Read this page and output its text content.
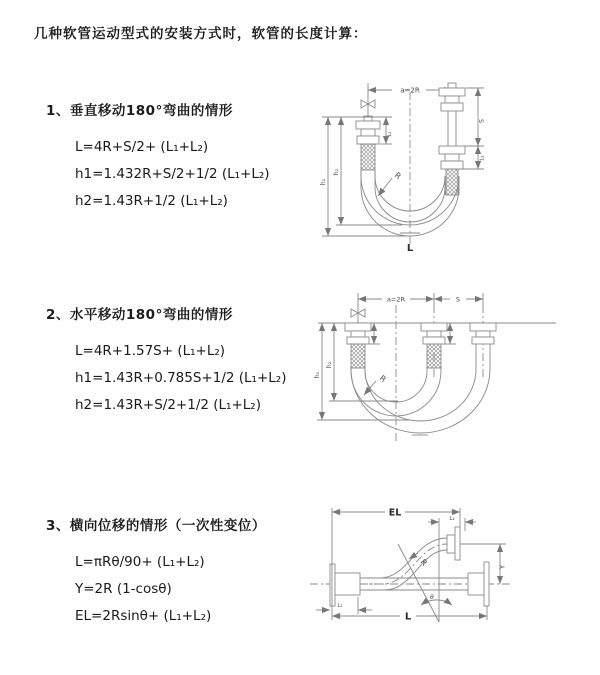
几种软管运动型式的安装方式时，软管的长度计算：
1、垂直移动180°弯曲的情形
L=4R+S/2+ (L₁+L₂)
h1=1.432R+S/2+1/2 (L₁+L₂)
h2=1.43R+1/2 (L₁+L₂)
2、水平移动180°弯曲的情形
L=4R+1.57S+ (L₁+L₂)
h1=1.43R+0.785S+1/2 (L₁+L₂)
h2=1.43R+S/2+1/2 (L₁+L₂)
3、横向位移的情形（一次性变位）
L=πRθ/90+ (L₁+L₂)
Y=2R (1-cosθ)
EL=2Rsinθ+ (L₁+L₂)
a=2R
L₁
S
L₂
h₁
h₂	R
L
a=2R	S
h₁
h₂
R
EL
L₁
Y
R
θ
L
L₁
